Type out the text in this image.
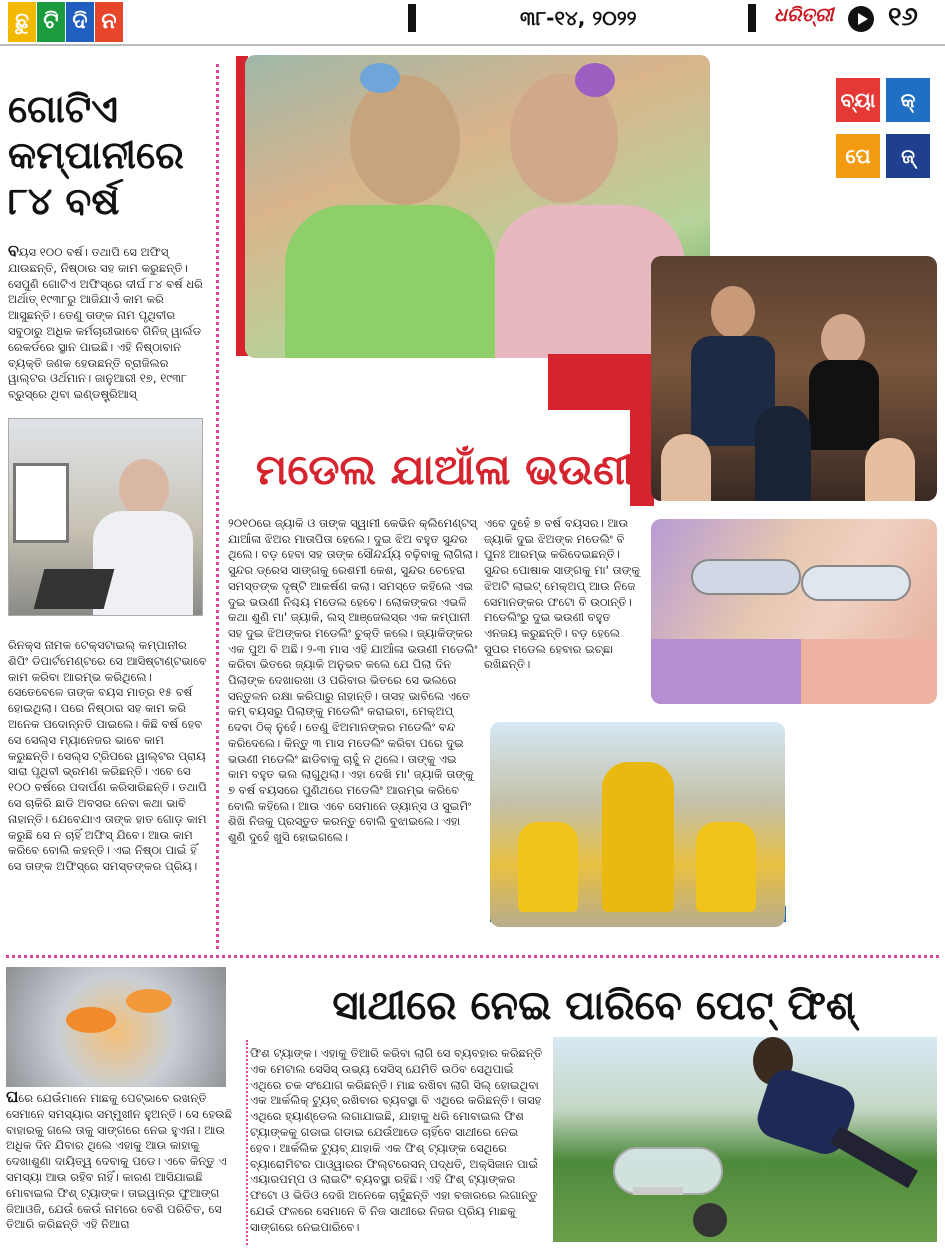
ଛୁ ଟି ଦି ନ	୩୮-୧୪, ୨୦୨୨	ଧରିତ୍ରୀ ୧୬
ବ୍ୟା	କ୍
ପେ	ଜ୍
ଗୋଟିଏ
କମ୍ପାନୀରେ
୮୪ ବର୍ଷ
ବୟସ ୧୦୦ ବର୍ଷ। ତଥାପି ସେ ଅଫିସ୍ ଯାଉଛନ୍ତି, ନିଷ୍ଠାର ସହ କାମ କରୁଛନ୍ତି। ସେପୁଣି ଗୋଟିଏ ଅଫିସ୍‌ରେ ଦୀର୍ଘ ୮୪ ବର୍ଷ ଧରି ଅର୍ଥାତ୍ ୧୯୩୮ରୁ ଆଜିଯାଏଁ କାମ କରି ଆସୁଛନ୍ତି। ତେଣୁ ତାଙ୍କ ନାମ ପୃଥିବୀର ସବୁଠାରୁ ଅଧିକ କର୍ମଚାରୀଭାବେ ଗିନିଜ୍ ୱାର୍ଲଡ ରେକର୍ଡରେ ସ୍ଥାନ ପାଇଛି। ଏହି ନିଷ୍ଠାବାନ ବ୍ୟକ୍ତି ଜଣକ ହେଉଛନ୍ତି ବ୍ରାଜିଲର ୱାଲ୍ଟର ଓର୍ଥମାନ। ଜାନୁଆରୀ ୧୭, ୧୯୩୮ ବ୍ରୁସ୍‌ରେ ଥିବା ଇଣ୍ଡଷ୍ଟ୍ରିଆସ୍
ରିନକ୍ସ ନାମକ ଟେକ୍ସଟାଇଲ୍ କମ୍ପାନୀର ଶିପିଂ ଡିପାର୍ଟମେଣ୍ଟରେ ସେ ଆସିଷ୍ଟାଣ୍ଟଭାବେ କାମ କରିବା ଆରମ୍ଭ କରିଥିଲେ। ସେତେବେଳେ ତାଙ୍କ ବୟସ ମାତ୍ର ୧୫ ବର୍ଷ ହୋଇଥିଲା। ପରେ ନିଷ୍ଠାର ସହ କାମ କରି ଅନେକ ପଦୋନ୍ନତି ପାଇଲେ। କିଛି ବର୍ଷ ହେବ ସେ ସେଲ୍ସ ମ୍ୟାନେଜର ଭାବେ କାମ କରୁଛନ୍ତି। ସେଲ୍ସ ଟ୍ରିପରେ ୱାଲ୍ଟର ପ୍ରାୟ ସାରା ପୃଥିବୀ ଭ୍ରମଣ କରିଛନ୍ତି। ଏବେ ସେ ୧୦୦ ବର୍ଷରେ ପଦାର୍ପଣ କରିସାରିଛନ୍ତି। ତଥାପି ସେ ଚାକିରି ଛାଡି ଅବସର ନେବା କଥା ଭାବି ନାହାନ୍ତି। ଯେବେଯାଏ ତାଙ୍କ ହାତ ଗୋଡ଼ କାମ କରୁଛି ସେ ନ ଚାହିଁ ଅଫିସ୍ ଯିବେ। ଆଉ କାମ କରିବେ ବୋଲି କହନ୍ତି। ଏଇ ନିଷ୍ଠା ପାଇଁ ହିଁ ସେ ତାଙ୍କ ଅଫିସ୍‌ରେ ସମସ୍ତଙ୍କର ପ୍ରିୟ।
ମଡେଲ ଯାଆଁଳା ଭଉଣୀ
୨୦୧୦ରେ ଜ୍ୟାକି ଓ ତାଙ୍କ ସ୍ୱାମୀ କେଭିନ କ୍ଲିମେଣ୍ଟସ୍ ଯାଆଁଳା ଝିଅର ମାତାପିତା ହେଲେ। ଦୁଇ ଝିଅ ବହୁତ ସୁନ୍ଦର ଥିଲେ। ବଡ଼ ହେବା ସହ ତାଙ୍କ ସୌନ୍ଦର୍ଯ୍ୟ ବଢ଼ିବାକୁ ଲାଗିଲା। ସୁନ୍ଦର ଡ୍ରେସ ସାଙ୍ଗକୁ ରେଶମୀ କେଶ, ସୁନ୍ଦର ଚେହେରା ସମସ୍ତଙ୍କ ଦୃଷ୍ଟି ଆକର୍ଷଣ କଲା। ସମସ୍ତେ କହିଲେ ଏଇ ଦୁଇ ଭଉଣୀ ନିଶ୍ଚୟ ମଡେଲ ହେବେ। ଲୋକଙ୍କର ଏଭଳି କଥା ଶୁଣି ମା' ଜ୍ୟାକି, ଲସ୍ ଆଞ୍ଜେଲସ୍‌ର ଏକ କମ୍ପାନୀ ସହ ଦୁଇ ଝିଅଙ୍କର ମଡେଲିଂ ଚୁକ୍ତି କଲେ। ଜ୍ୟାକିଙ୍କର ଏକ ପୁଅ ବି ଅଛି। ୨-୩ ମାସ ଏହି ଯାଆଁଳା ଭଉଣୀ ମଡେଲିଂ କରିବା ଭିତରେ ଜ୍ୟାକି ଅନୁଭବ କଲେ ଯେ ପିଲା ଦିନ ପିଲାଙ୍କ ଦେଖାରଖା ଓ ପରିବାର ଭିତରେ ସେ ଭଲରେ ସନ୍ତୁଳନ ରକ୍ଷା କରିପାରୁ ନାହାନ୍ତି। ତାସହ ଭାବିଲେ ଏତେ କମ୍ ବୟସରୁ ପିଲାଙ୍କୁ ମଡେଲିଂ କରାଇବା, ମେକ୍ଅପ୍ ଦେବା ଠିକ୍ ନୁହେଁ। ତେଣୁ ଝିଅମାନଙ୍କର ମଡେଲିଂ ବନ୍ଦ କରିଦେଲେ। କିନ୍ତୁ ୩ ମାସ ମଡେଲିଂ କରିବା ପରେ ଦୁଇ ଭଉଣୀ ମଡେଲିଂ ଛାଡିବାକୁ ଚାହୁଁ ନ ଥିଲେ। ତାଙ୍କୁ ଏଇ କାମ ବହୁତ ଭଲ ଲାଗୁଥିଲା। ଏହା ଦେଖି ମା' ଜ୍ୟାକି ତାଙ୍କୁ ୭ ବର୍ଷ ବୟସରେ ପୁଣିଥରେ ମଡେଲିଂ ଆରମ୍ଭ କରିବେ ବୋଲି କହିଲେ। ଆଉ ଏବେ ସେମାନେ ଡ୍ୟାନ୍ସ ଓ ସୁଇମିଂ ଶିଖି ନିଜକୁ ପ୍ରସ୍ତୁତ କରନ୍ତୁ ବୋଲି ବୁଝାଇଲେ। ଏହା ଶୁଣି ଦୁହେଁ ଖୁସି ହୋଇଗଲେ।
ଏବେ ଦୁହେଁ ୭ ବର୍ଷ ବୟସର। ଆଉ ଜ୍ୟାକି ଦୁଇ ଝିଅଙ୍କ ମଡେଲିଂ ବି ପୁନଃ ଆରମ୍ଭ କରିଦେଇଛନ୍ତି। ସୁନ୍ଦର ପୋଷାକ ସାଙ୍ଗକୁ ମା' ତାଙ୍କୁ ଝିଅଟି ଲାଇଟ୍ ମେକ୍ଅପ୍ ଆଉ ନିଜେ ସେମାନଙ୍କର ଫଟୋ ବି ଉଠାନ୍ତି। ମଡେଲିଂରୁ ଦୁଇ ଭଉଣୀ ବହୁତ ଏନଜୟ କରୁଛନ୍ତି। ବଡ଼ ହେଲେ ସୁପର ମଡେଲ ହେବାର ଇଚ୍ଛା ରଖିଛନ୍ତି।
ସାଥୀରେ ନେଇ ପାରିବେ ପେଟ୍ ଫିଶ୍
ଘରେ ଯେଉଁମାନେ ମାଛକୁ ପେଟ୍ଭାବେ ରଖନ୍ତି ସେମାନେ ସମସ୍ୟାର ସମ୍ମୁଖୀନ ହୁଅନ୍ତି। ସେ ହେଉଛି ବାହାରକୁ ଗଲେ ତାକୁ ସାଙ୍ଗରେ ନେଇ ହୁଏନା। ଆଉ ଅଧିକ ଦିନ ଯିବାର ଥିଲେ ଏହାକୁ ଆଉ କାହାକୁ ଦେଖାଶୁଣା ଦାୟିତ୍ୱ ଦେବାକୁ ପଡେ। ଏବେ କିନ୍ତୁ ଏ ସମସ୍ୟା ଆଉ ରହିବ ନାହିଁ। କାରଣ ଆସିଯାଇଛି ମୋବାଇଲ ଫିଶ୍ ଟ୍ୟାଙ୍କ। ତାଇୱାନ୍‌ର ଫୁଆଙ୍ଗ ଜିଆଓଜି, ଯେଉଁ କେଉଁ ନାମରେ ବେଶି ପରିଚିତ, ସେ ତିଆରି କରିଛନ୍ତି ଏହି ନିଆରା
ଫିଶ ଟ୍ୟାଙ୍କ। ଏହାକୁ ତିଆରି କରିବା ଲାଗି ସେ ବ୍ୟବହାର କରିଛନ୍ତି ଏକ ମେଟାଲ ସେସିସ୍ ଉଭ୍ୟ ସେସିସ୍ ଯେମିତି ଉଠିବ ସେଥିପାଇଁ ଏଥିରେ ଚକ ସଂଯୋଗ କରିଛନ୍ତି। ମାଛ ରଖିବା ଲାଗି ସିଲ୍ ହୋଇଥିବା ଏକ ଆର୍କଲିକ୍ ଟ୍ୟୁବ୍ ରଖିବାର ବ୍ୟବସ୍ଥା ବି ଏଥିରେ କରିଛନ୍ତି। ତାସହ ଏଥିରେ ହ୍ୟାଣ୍ଡେଲ ଲଗାଯାଇଛି, ଯାହାକୁ ଧରି ମୋବାଇଲ ଫିଶ ଟ୍ୟାଙ୍କକୁ ଗଡାଇ ଗଡାଇ ଯେଉଁଆଡେ ଚାହିଁବେ ସାଥୀରେ ନେଇ ହେବ। ଆର୍କଲିକ ଟ୍ୟୁବ୍ ଯାହାକି ଏକ ଫିଶ୍ ଟ୍ୟାଙ୍କ ସେଥିରେ ବ୍ୟାରୋମିଟର ପାଓ୍ୱାରର ଫିଲ୍ଟରେସନ୍ ପଦ୍ଧତି, ଅକ୍ସିଜାନ ପାଇଁ ଏୟାରପମ୍ପ ଓ ଲାଇଟିଂ ବ୍ୟବସ୍ଥା ରହିଛି। ଏହି ଫିଶ୍ ଟ୍ୟାଙ୍କର ଫଟୋ ଓ ଭିଡିଓ ଦେଖି ଅନେକେ ଚାହୁଁଛନ୍ତି ଏହା ବଜାରରେ ଲଗାନ୍ତୁ ଯେଉଁ ଫଳରେ ସେମାନେ ବି ନିଜ ସାଥୀରେ ନିଜର ପ୍ରିୟ ମାଛକୁ ସାଙ୍ଗରେ ନେଇପାରିବେ।
